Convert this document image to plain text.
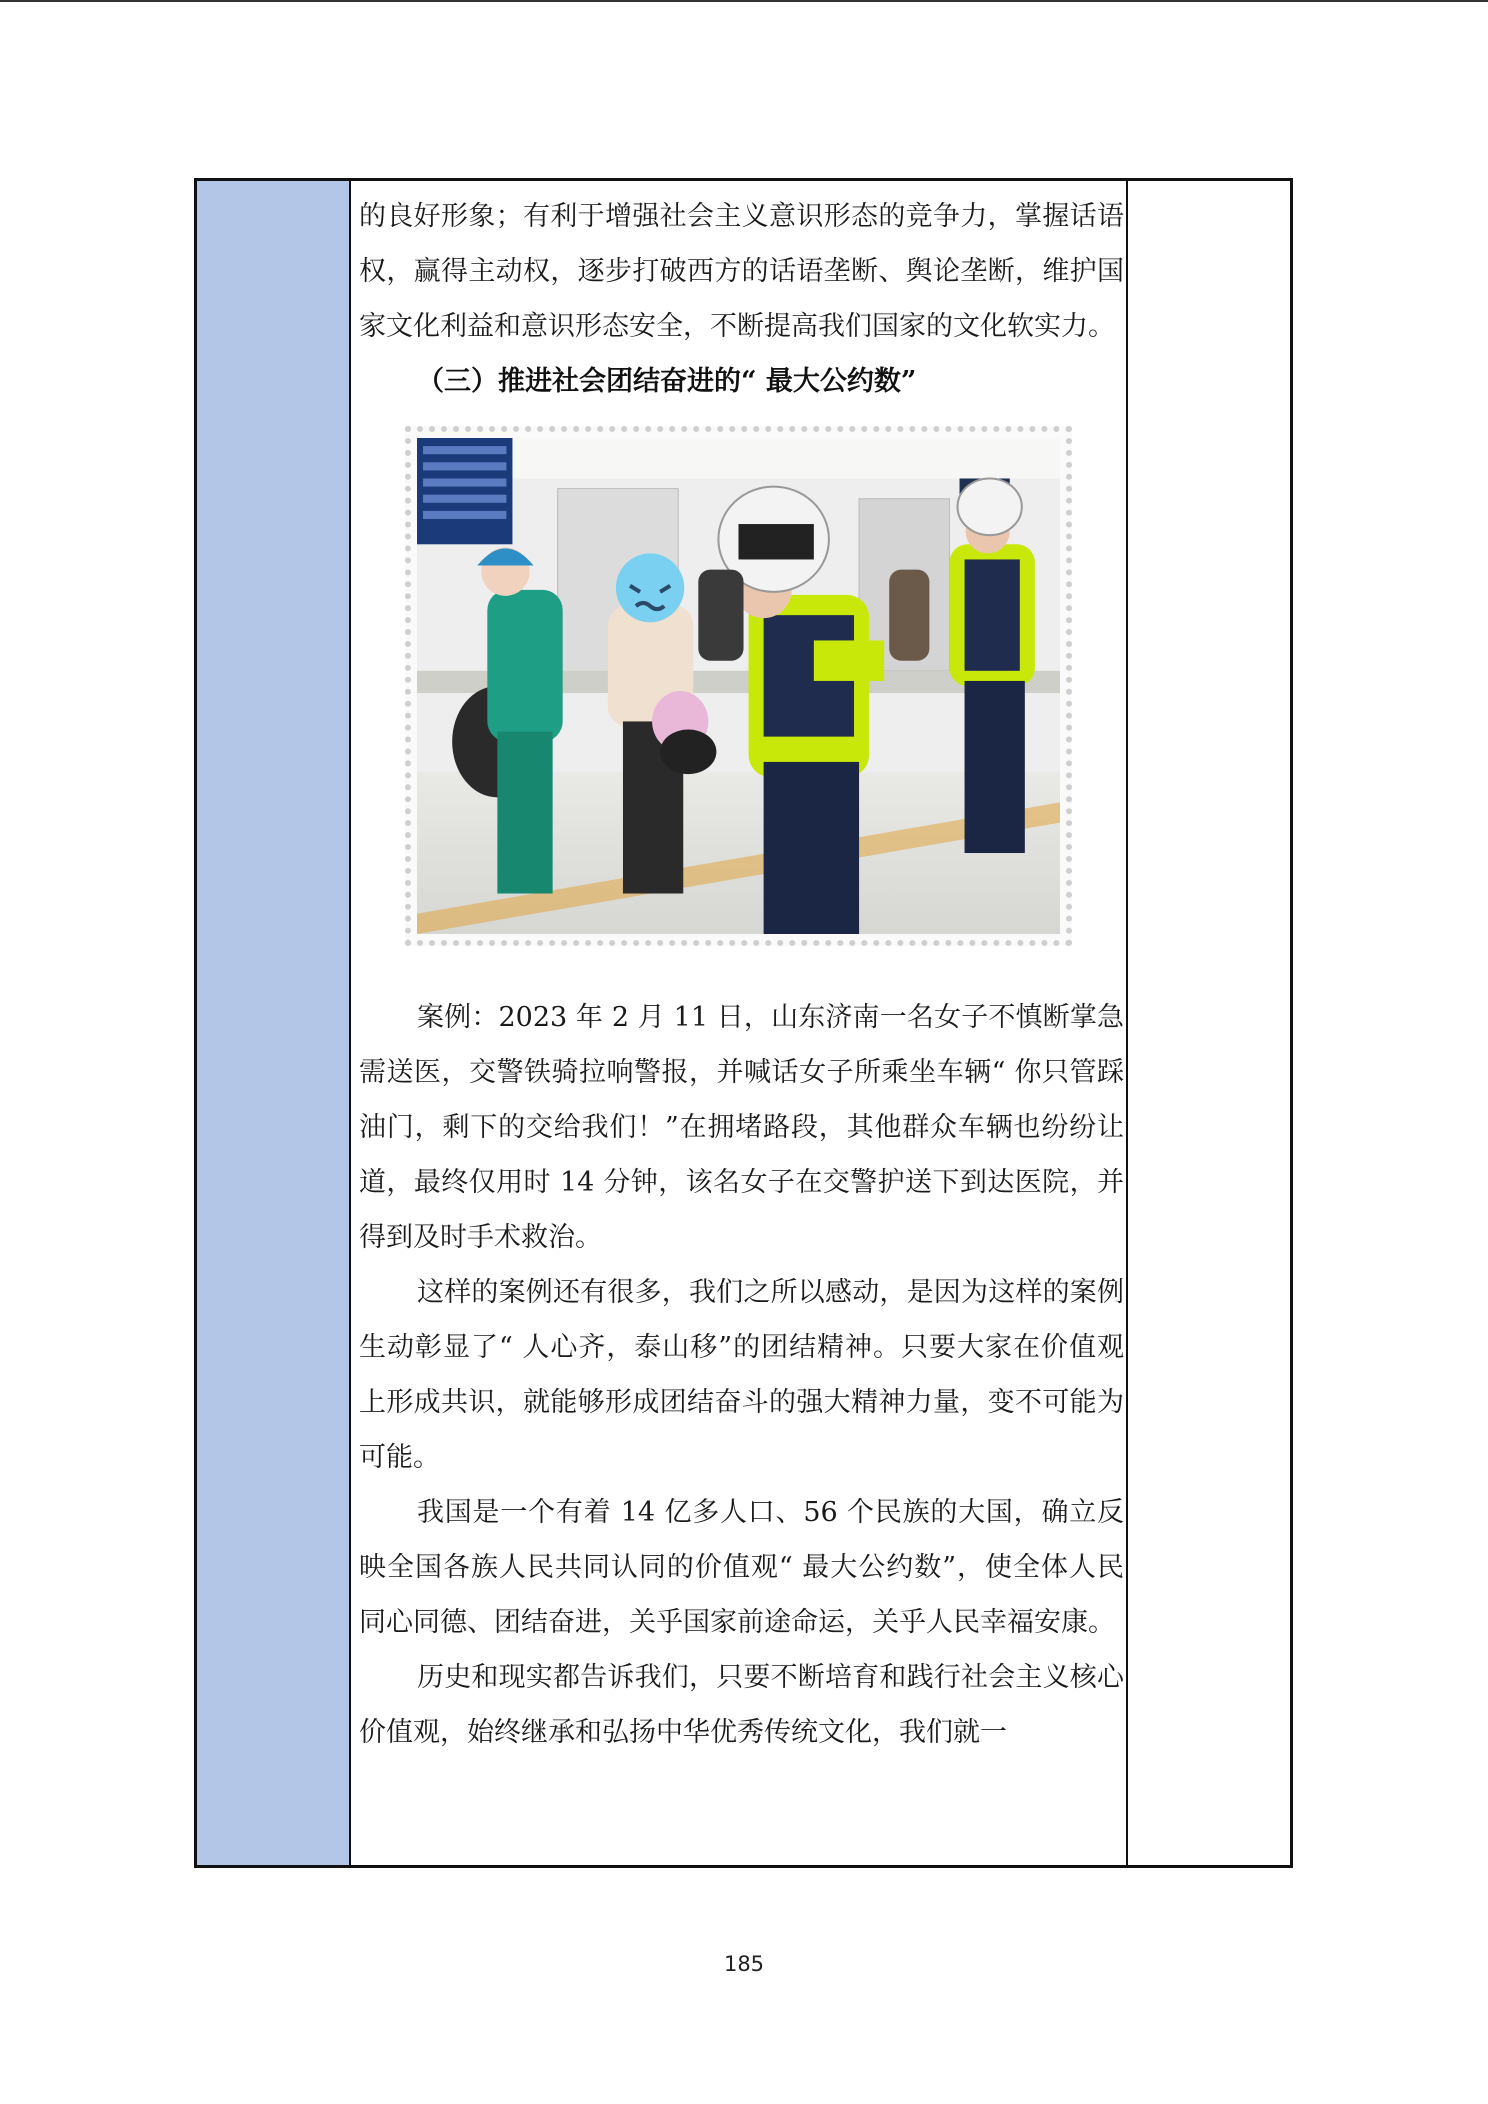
的良好形象；有利于增强社会主义意识形态的竞争力，掌握话语权，赢得主动权，逐步打破西方的话语垄断、舆论垄断，维护国家文化利益和意识形态安全，不断提高我们国家的文化软实力。

（三）推进社会团结奋进的“ 最大公约数”

案例：2023 年 2 月 11 日，山东济南一名女子不慎断掌急需送医，交警铁骑拉响警报，并喊话女子所乘坐车辆“ 你只管踩油门，剩下的交给我们！”在拥堵路段，其他群众车辆也纷纷让道，最终仅用时 14 分钟，该名女子在交警护送下到达医院，并得到及时手术救治。

这样的案例还有很多，我们之所以感动，是因为这样的案例生动彰显了“ 人心齐，泰山移”的团结精神。只要大家在价值观上形成共识，就能够形成团结奋斗的强大精神力量，变不可能为可能。

我国是一个有着 14 亿多人口、56 个民族的大国，确立反映全国各族人民共同认同的价值观“ 最大公约数”，使全体人民同心同德、团结奋进，关乎国家前途命运，关乎人民幸福安康。

历史和现实都告诉我们，只要不断培育和践行社会主义核心价值观，始终继承和弘扬中华优秀传统文化，我们就一

185
